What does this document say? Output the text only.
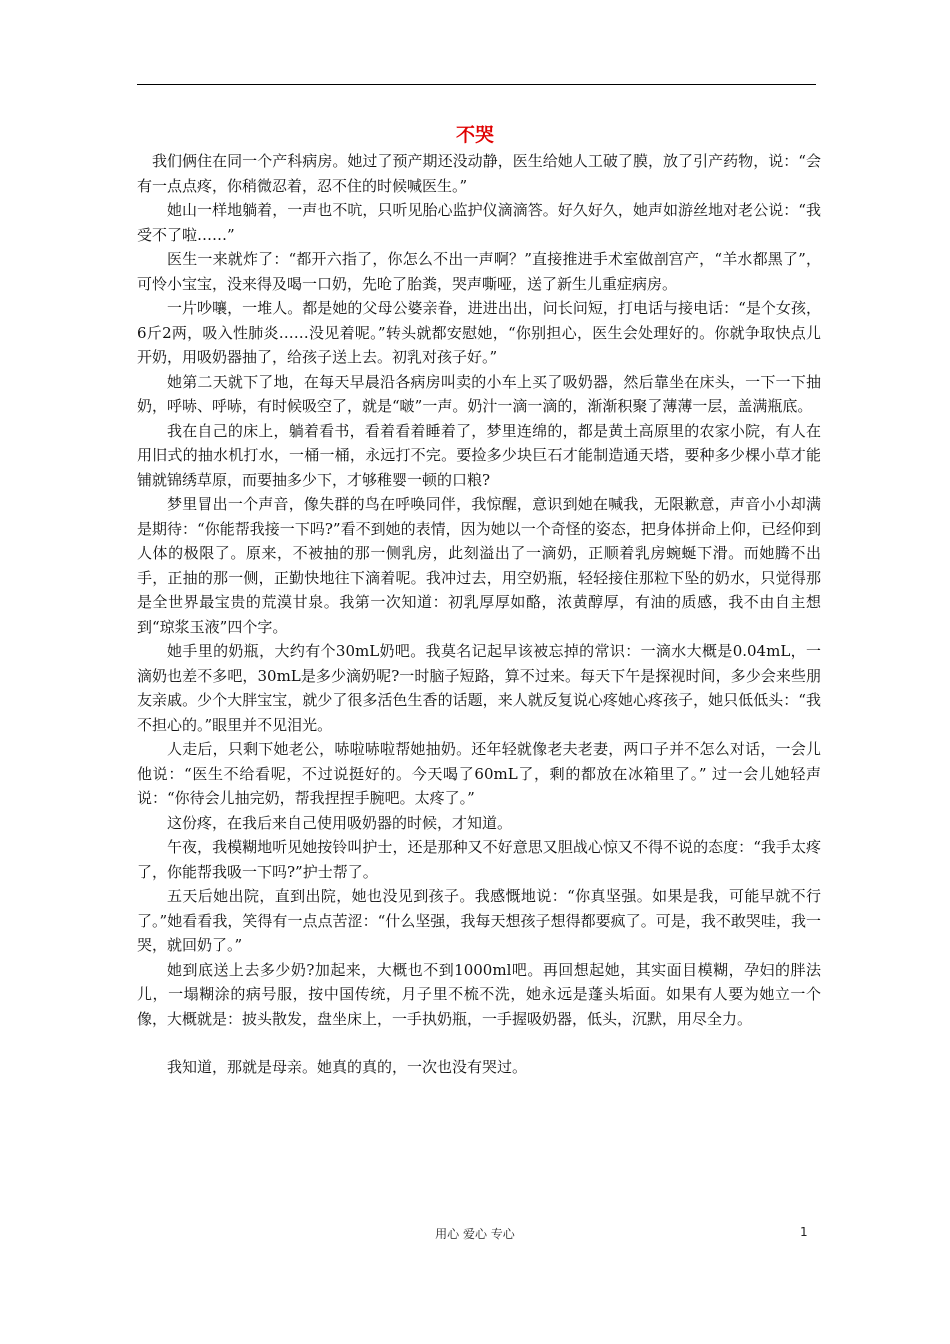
不哭

我们俩住在同一个产科病房。她过了预产期还没动静，医生给她人工破了膜，放了引产药物，说：“会有一点点疼，你稍微忍着，忍不住的时候喊医生。”

她山一样地躺着，一声也不吭，只听见胎心监护仪滴滴答。好久好久，她声如游丝地对老公说：“我受不了啦……”

医生一来就炸了：“都开六指了，你怎么不出一声啊？”直接推进手术室做剖宫产，“羊水都黑了”，可怜小宝宝，没来得及喝一口奶，先呛了胎粪，哭声嘶哑，送了新生儿重症病房。

一片吵嚷，一堆人。都是她的父母公婆亲眷，进进出出，问长问短，打电话与接电话：“是个女孩，6斤2两，吸入性肺炎……没见着呢。”转头就都安慰她，“你别担心，医生会处理好的。你就争取快点儿开奶，用吸奶器抽了，给孩子送上去。初乳对孩子好。”

她第二天就下了地，在每天早晨沿各病房叫卖的小车上买了吸奶器，然后靠坐在床头，一下一下抽奶，呼哧、呼哧，有时候吸空了，就是“啵”一声。奶汁一滴一滴的，渐渐积聚了薄薄一层，盖满瓶底。

我在自己的床上，躺着看书，看着看着睡着了，梦里连绵的，都是黄土高原里的农家小院，有人在用旧式的抽水机打水，一桶一桶，永远打不完。要捡多少块巨石才能制造通天塔，要种多少棵小草才能铺就锦绣草原，而要抽多少下，才够稚婴一顿的口粮?

梦里冒出一个声音，像失群的鸟在呼唤同伴，我惊醒，意识到她在喊我，无限歉意，声音小小却满是期待：“你能帮我接一下吗?”看不到她的表情，因为她以一个奇怪的姿态，把身体拼命上仰，已经仰到人体的极限了。原来，不被抽的那一侧乳房，此刻溢出了一滴奶，正顺着乳房蜿蜒下滑。而她腾不出手，正抽的那一侧，正勤快地往下滴着呢。我冲过去，用空奶瓶，轻轻接住那粒下坠的奶水，只觉得那是全世界最宝贵的荒漠甘泉。我第一次知道：初乳厚厚如酪，浓黄醇厚，有油的质感，我不由自主想到“琼浆玉液”四个字。

她手里的奶瓶，大约有个30mL奶吧。我莫名记起早该被忘掉的常识：一滴水大概是0.04mL，一滴奶也差不多吧，30mL是多少滴奶呢?一时脑子短路，算不过来。每天下午是探视时间，多少会来些朋友亲戚。少个大胖宝宝，就少了很多活色生香的话题，来人就反复说心疼她心疼孩子，她只低低头：“我不担心的。”眼里并不见泪光。

人走后，只剩下她老公，哧啦哧啦帮她抽奶。还年轻就像老夫老妻，两口子并不怎么对话，一会儿他说：“医生不给看呢，不过说挺好的。今天喝了60mL了，剩的都放在冰箱里了。” 过一会儿她轻声说：“你待会儿抽完奶，帮我捏捏手腕吧。太疼了。”

这份疼，在我后来自己使用吸奶器的时候，才知道。

午夜，我模糊地听见她按铃叫护士，还是那种又不好意思又胆战心惊又不得不说的态度：“我手太疼了，你能帮我吸一下吗?”护士帮了。

五天后她出院，直到出院，她也没见到孩子。我感慨地说：“你真坚强。如果是我，可能早就不行了。”她看看我，笑得有一点点苦涩：“什么坚强，我每天想孩子想得都要疯了。可是，我不敢哭哇，我一哭，就回奶了。”

她到底送上去多少奶?加起来，大概也不到1000ml吧。再回想起她，其实面目模糊，孕妇的胖法儿，一塌糊涂的病号服，按中国传统，月子里不梳不洗，她永远是蓬头垢面。如果有人要为她立一个像，大概就是：披头散发，盘坐床上，一手执奶瓶，一手握吸奶器，低头，沉默，用尽全力。

我知道，那就是母亲。她真的真的，一次也没有哭过。

用心 爱心 专心	1
